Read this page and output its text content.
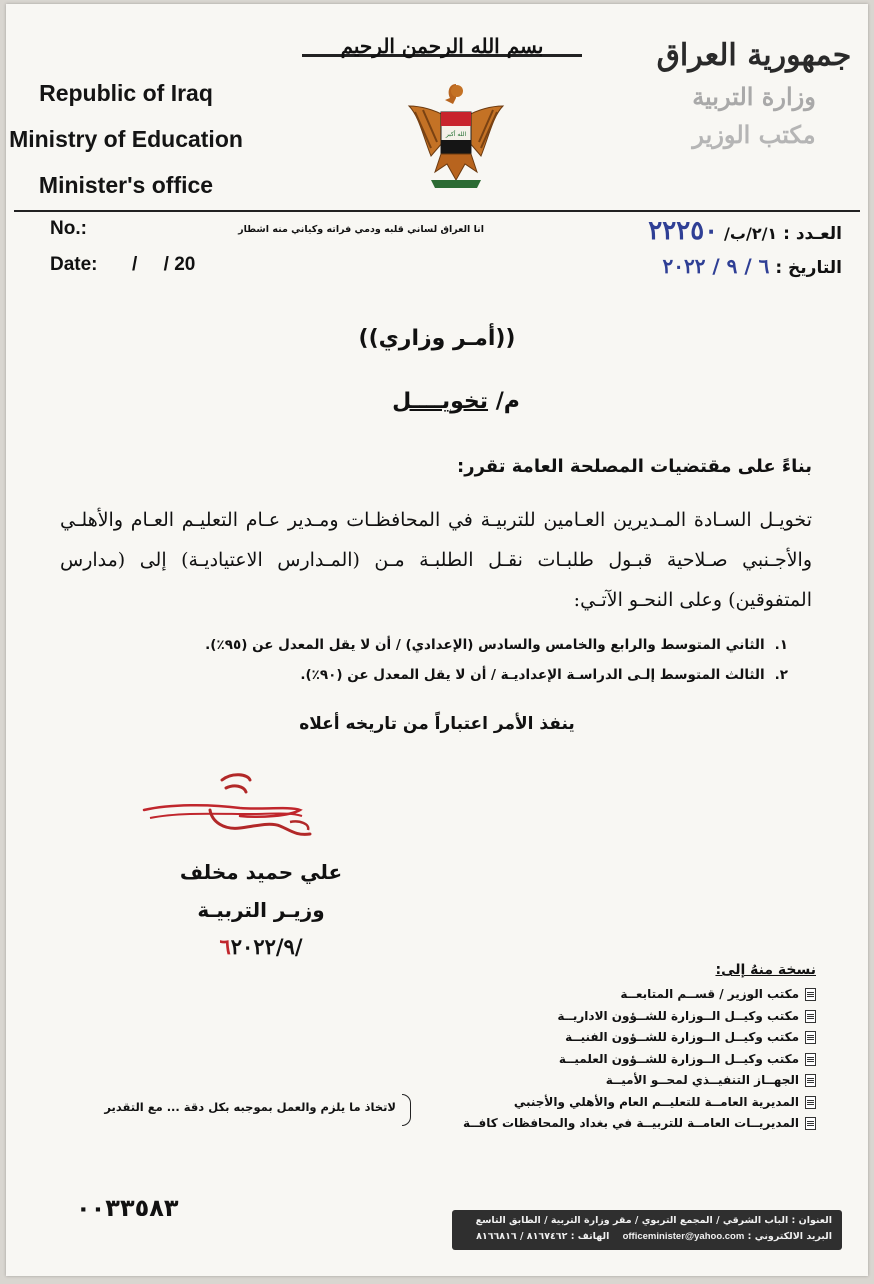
Republic of Iraq
Ministry of Education
Minister's office
بسم الله الرحمن الرحيم
الله أكبر
جمهورية العراق
وزارة التربية
مكتب الوزير
No.:
Date: /     / 20
انا العراق لساني قلبه ودمي فراته وكياني منه اشطار	العـدد : ٢/١/ب/ ٢٢٢٥٠
التاريخ : ٦ / ٩ / ٢٠٢٢
((أمـر وزاري))
م/ تخويــــل
بناءً على مقتضيات المصلحة العامة تقرر:
تخويـل السـادة المـديرين العـامين للتربيـة في المحافظـات ومـدير عـام التعليـم العـام والأهلـي والأجـنبي صـلاحية قبـول طلبـات نقـل الطلبـة مـن (المـدارس الاعتياديـة) إلى (مدارس المتفوقين) وعلى النحـو الآتـي:
١.
الثاني المتوسط والرابع والخامس والسادس (الإعدادي) / أن لا يقل المعدل عن (٩٥٪).
٢.
الثالث المتوسط إلـى الدراسـة الإعداديـة / أن لا يقل المعدل عن (٩٠٪).
ينفذ الأمر اعتباراً من تاريخه أعلاه
علي حميد مخلف
وزيـر التربيـة
٦٢٠٢٢/٩/
نسخة منهُ إلى:
مكتب الوزير / قســم المتابعــة
مكتب وكيــل الــوزارة للشــؤون الاداريــة
مكتب وكيــل الــوزارة للشــؤون الفنيــة
مكتب وكيــل الــوزارة للشــؤون العلميــة
الجهــاز التنفيــذي لمحــو الأميــة
المديرية العامــة للتعليــم العام والأهلي والأجنبي
المديريــات العامــة للتربيــة في بغداد والمحافظات كافــة
لاتخاذ ما يلزم والعمل بموجبه بكل دقة ... مع التقدير
٠٠٣٣٥٨٣	العنوان : الباب الشرقي / المجمع التربوي / مقر وزارة التربية / الطابق التاسع
البريد الالكتروني : officeminister@yahoo.com    الهاتف : ٨١٦٧٤٦٢ / ٨١٦٦٨١٦
